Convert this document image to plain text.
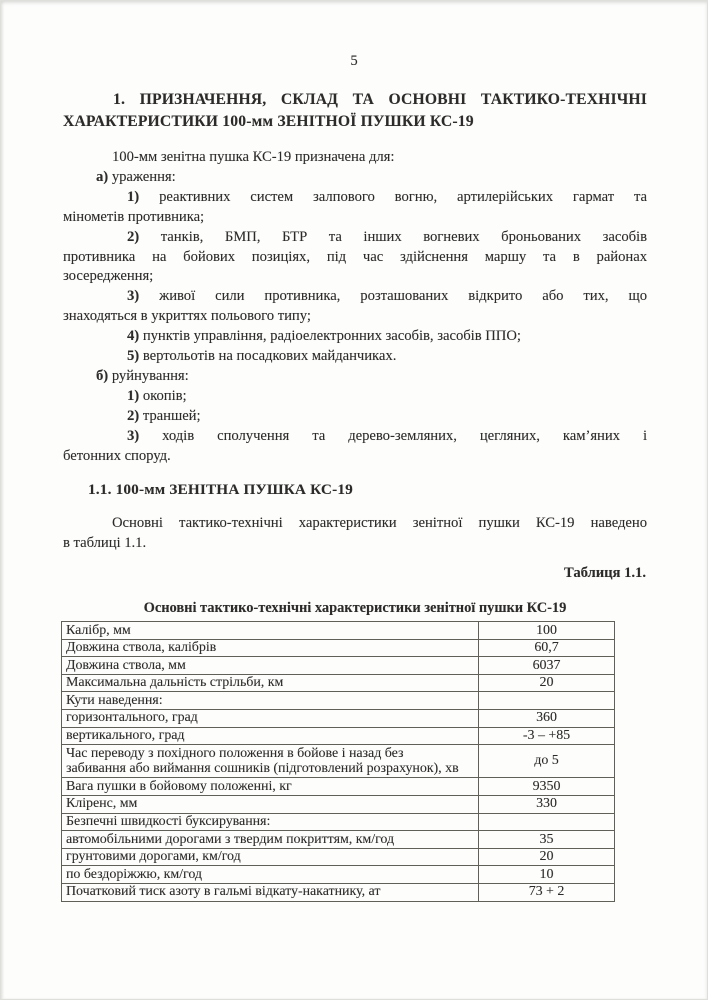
5
1. ПРИЗНАЧЕННЯ, СКЛАД ТА ОСНОВНІ ТАКТИКО-ТЕХНІЧНІ
ХАРАКТЕРИСТИКИ 100-мм ЗЕНІТНОЇ ПУШКИ КС-19
100-мм зенітна пушка КС-19 призначена для:
а) ураження:
1) реактивних систем залпового вогню, артилерійських гармат та
мінометів противника;
2) танків, БМП, БТР та інших вогневих броньованих засобів
противника на бойових позиціях, під час здійснення маршу та в районах
зосередження;
3) живої сили противника, розташованих відкрито або тих, що
знаходяться в укриттях польового типу;
4) пунктів управління, радіоелектронних засобів, засобів ППО;
5) вертольотів на посадкових майданчиках.
б) руйнування:
1) окопів;
2) траншей;
3) ходів сполучення та дерево-земляних, цегляних, кам’яних і
бетонних споруд.
1.1. 100-мм ЗЕНІТНА ПУШКА КС-19
Основні тактико-технічні характеристики зенітної пушки КС-19 наведено
в таблиці 1.1.
Таблиця 1.1.
Основні тактико-технічні характеристики зенітної пушки КС-19
Калібр, мм	100
Довжина ствола, калібрів	60,7
Довжина ствола, мм	6037
Максимальна дальність стрільби, км	20
Кути наведення:	
горизонтального, град	360
вертикального, град	-3 – +85

Час переводу з похідного положення в бойове і назад без
забивання або виймання сошників (підготовлений розрахунок), хв	до 5
Вага пушки в бойовому положенні, кг	9350
Кліренс, мм	330
Безпечні швидкості буксирування:	
автомобільними дорогами з твердим покриттям, км/год	35
грунтовими дорогами, км/год	20
по бездоріжжю, км/год	10
Початковий тиск азоту в гальмі відкату-накатнику, ат	73 + 2
